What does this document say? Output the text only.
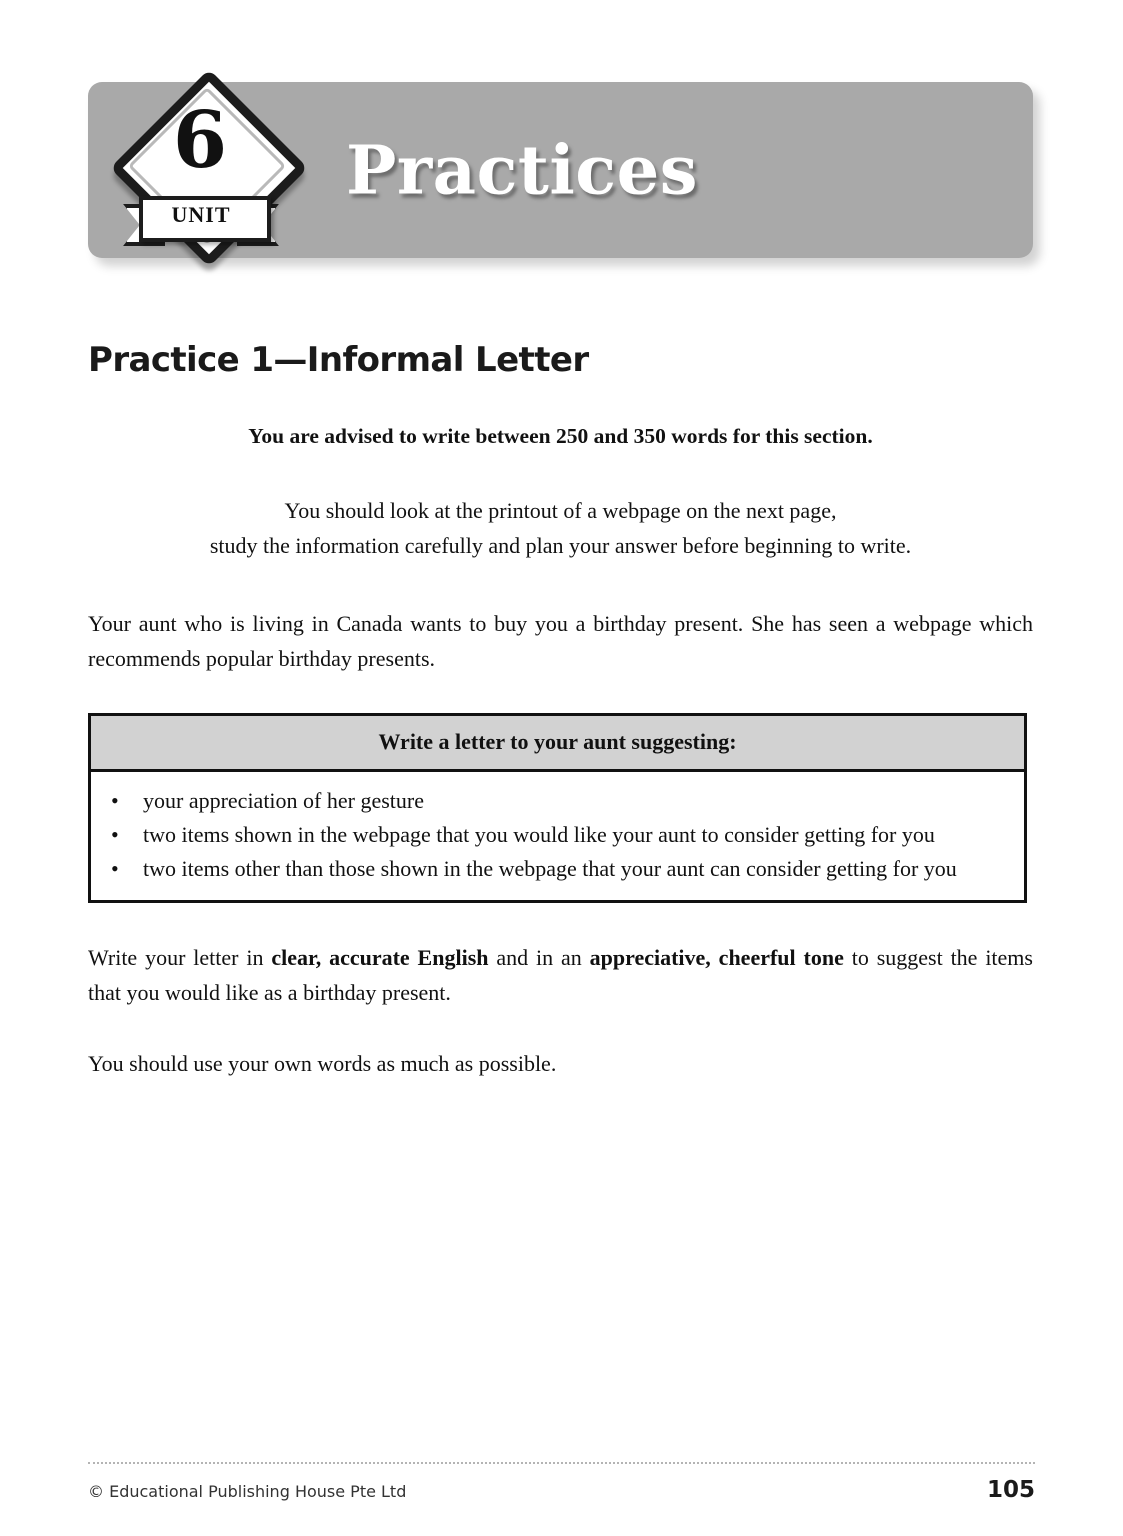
6
UNIT
Practices
Practice 1—Informal Letter

You are advised to write between 250 and 350 words for this section.

You should look at the printout of a webpage on the next page,
study the information carefully and plan your answer before beginning to write.

Your aunt who is living in Canada wants to buy you a birthday present. She has seen a webpage which recommends popular birthday presents.

Write a letter to your aunt suggesting:
• your appreciation of her gesture
• two items shown in the webpage that you would like your aunt to consider getting for you
• two items other than those shown in the webpage that your aunt can consider getting for you

Write your letter in clear, accurate English and in an appreciative, cheerful tone to suggest the items that you would like as a birthday present.

You should use your own words as much as possible.

© Educational Publishing House Pte Ltd	105
